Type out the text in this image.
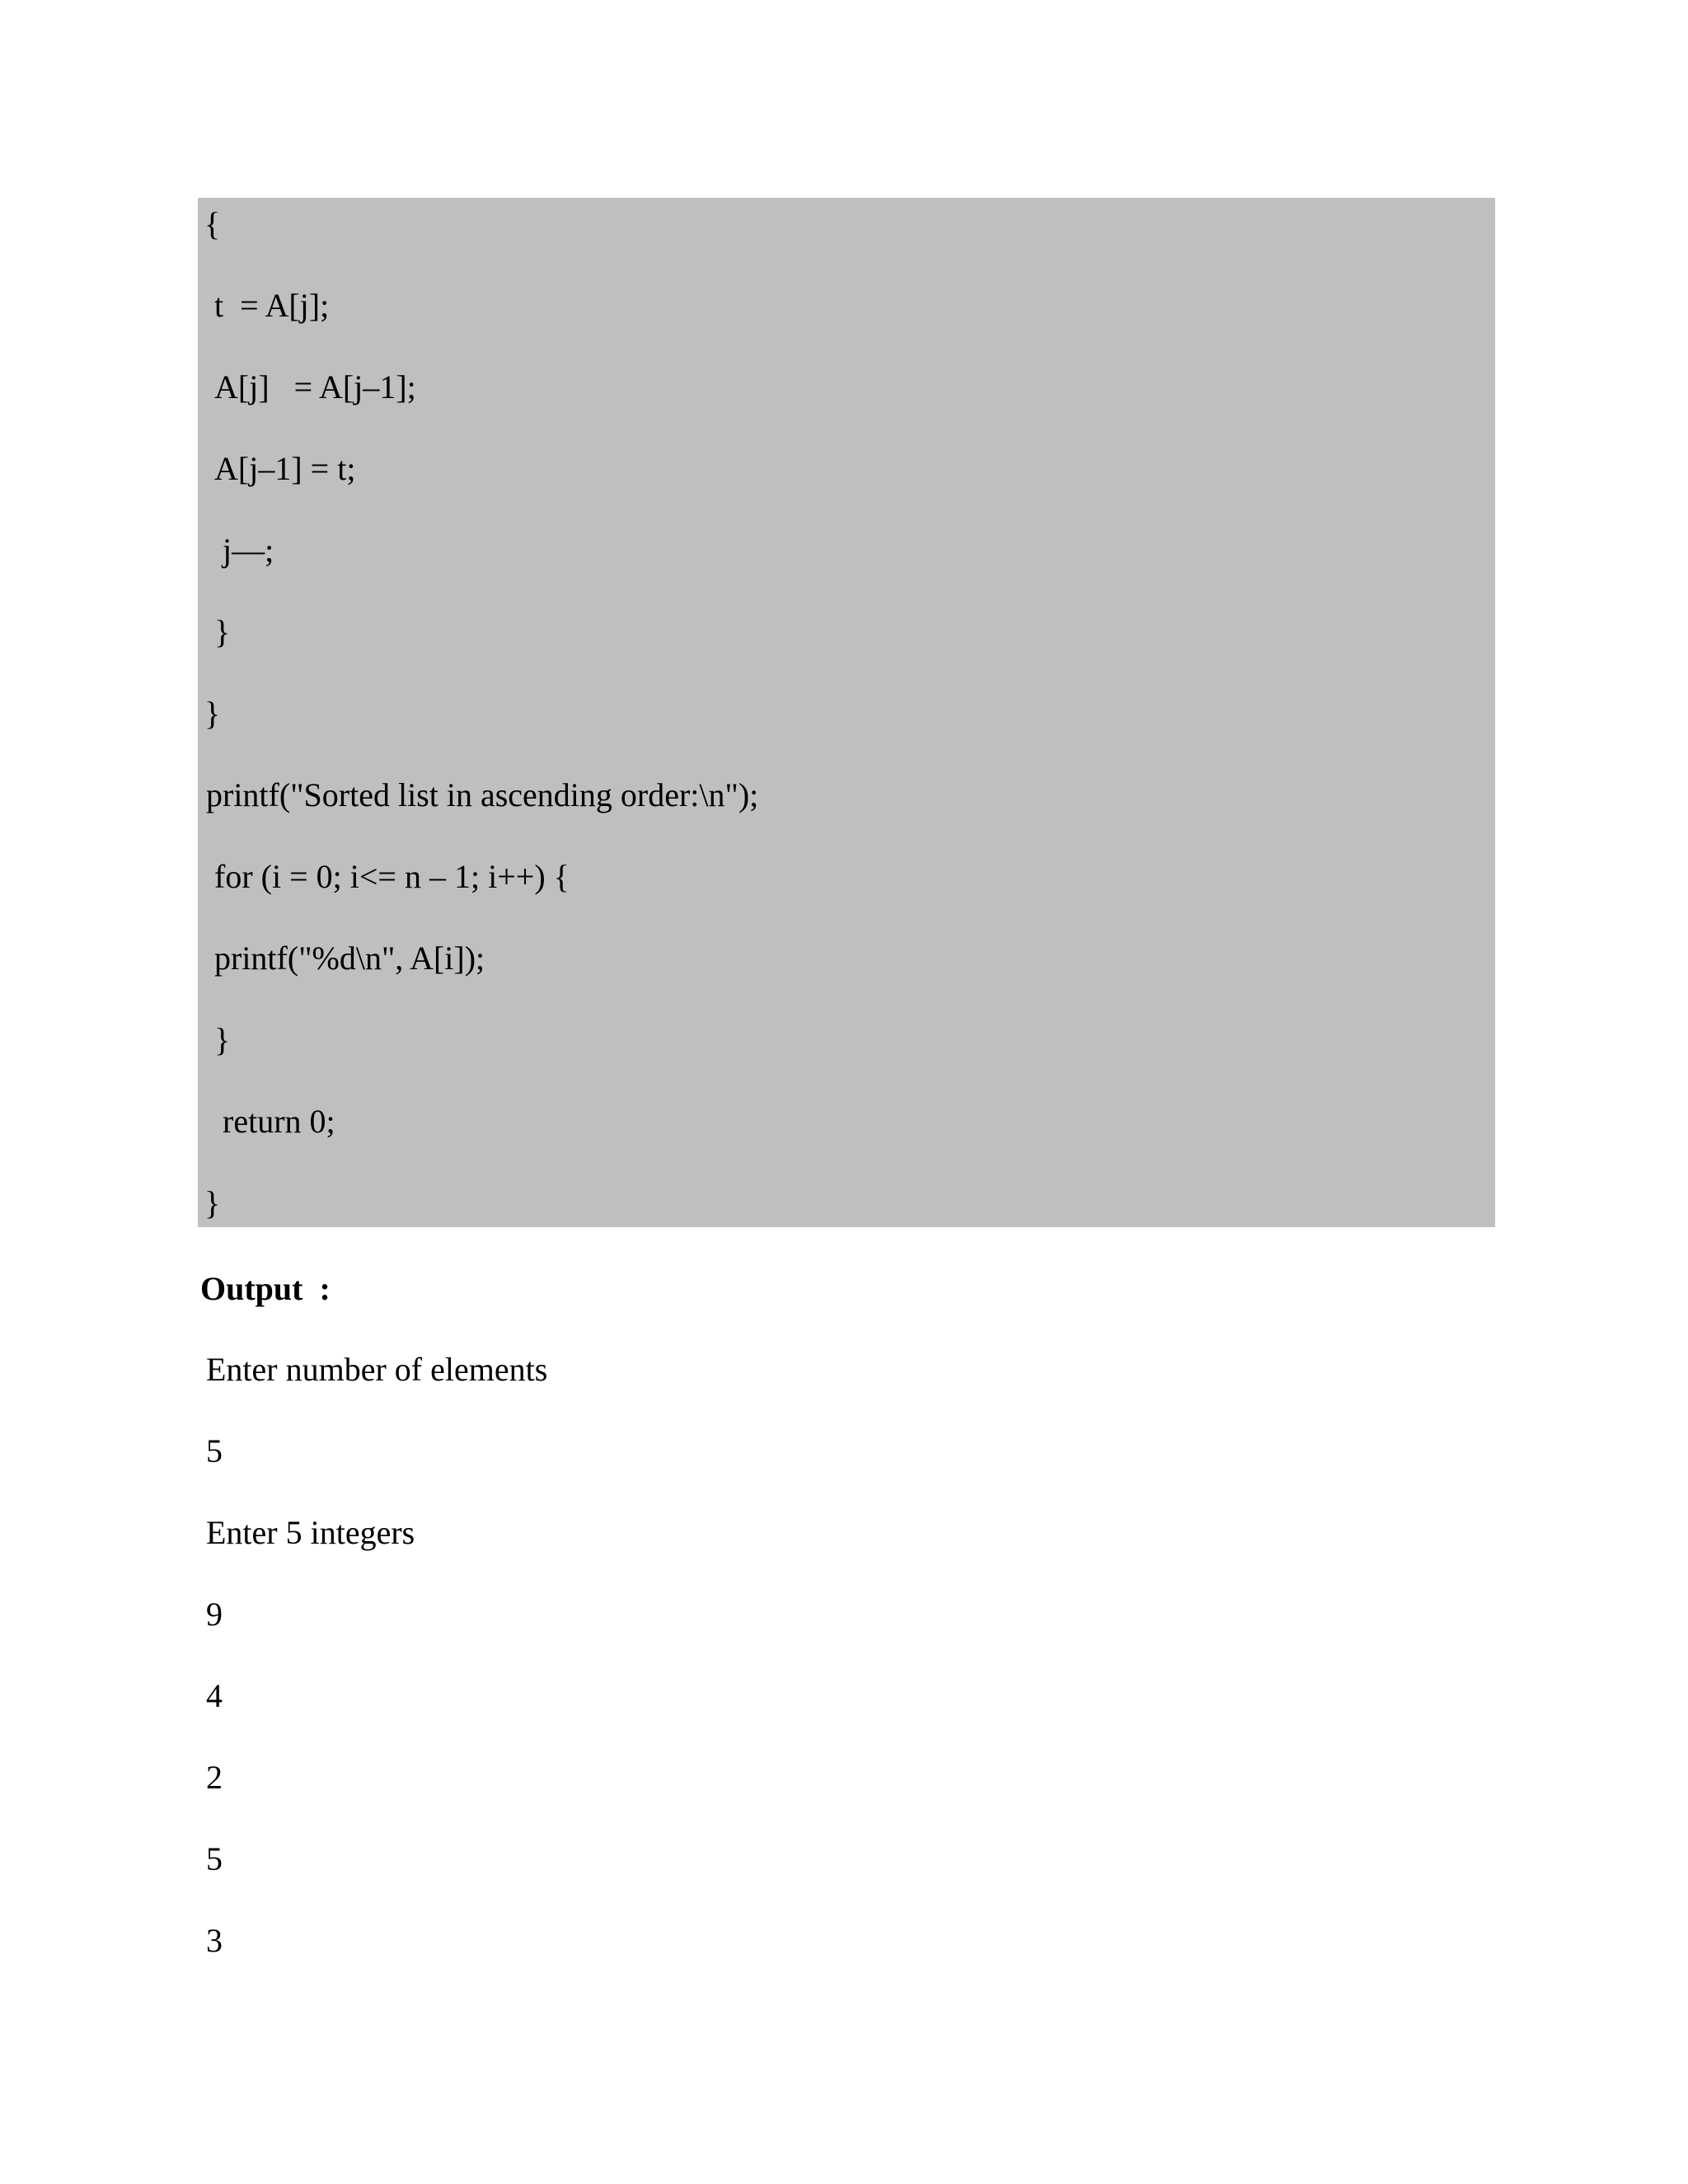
{
t  = A[j];
A[j]   = A[j–1];
A[j–1] = t;
j—;
}
}
printf("Sorted list in ascending order:\n");
for (i = 0; i<= n – 1; i++) {
printf("%d\n", A[i]);
}
return 0;
}
Output  :
Enter number of elements
5
Enter 5 integers
9
4
2
5
3
